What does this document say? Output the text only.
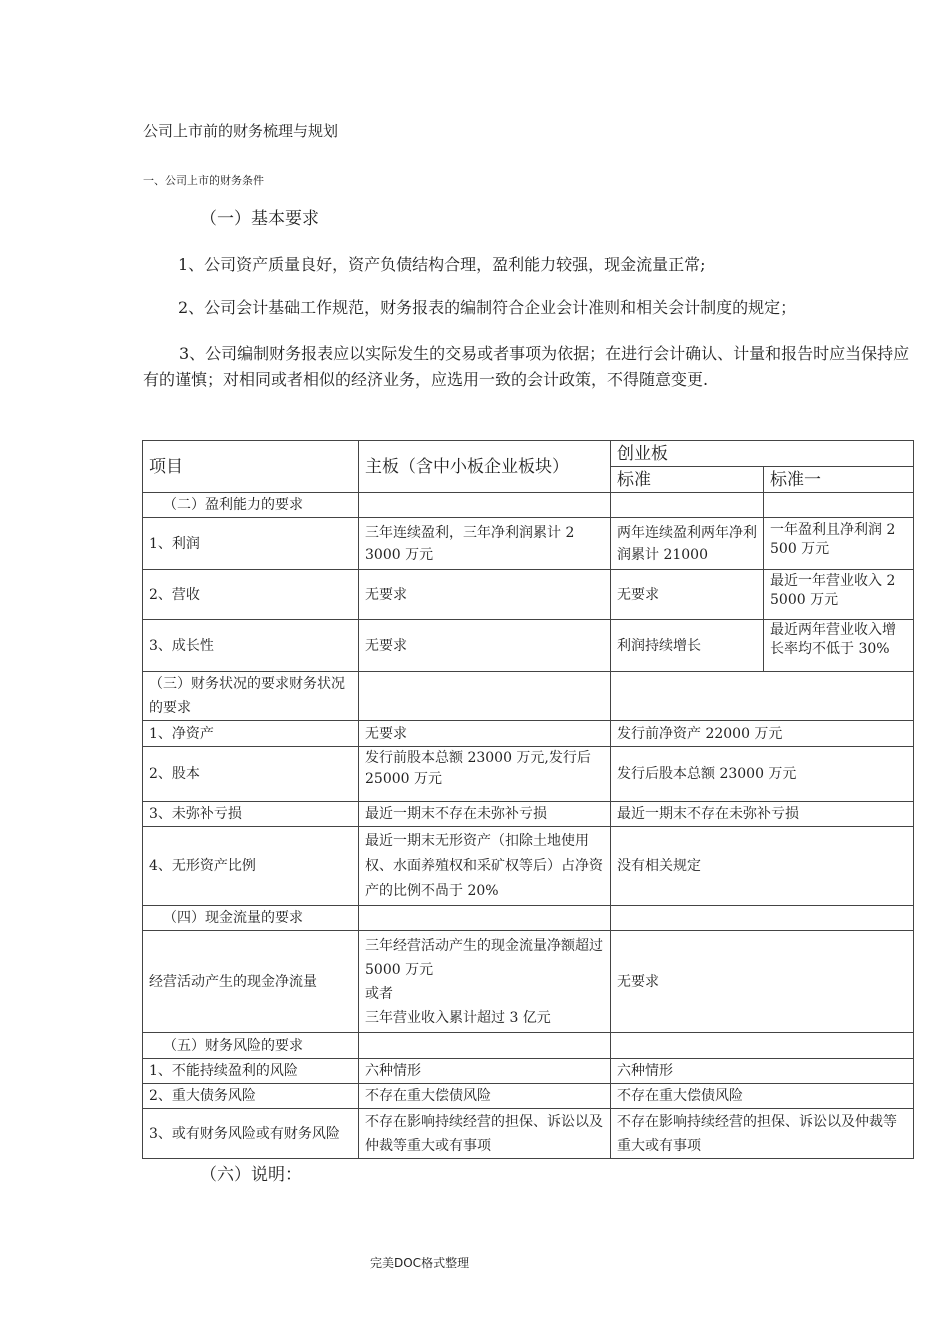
公司上市前的财务梳理与规划
一、公司上市的财务条件
（一）基本要求
1、公司资产质量良好，资产负债结构合理，盈利能力较强，现金流量正常;
2、公司会计基础工作规范，财务报表的编制符合企业会计准则和相关会计制度的规定；
3、公司编制财务报表应以实际发生的交易或者事项为依据；在进行会计确认、计量和报告时应当保持应有的谨慎；对相同或者相似的经济业务，应选用一致的会计政策，不得随意变更.
项目	主板（含中小板企业板块）	创业板	
		标准	标准一
（二）盈利能力的要求			
1、利润	三年连续盈利，三年净利润累计 2 3000 万元	两年连续盈利两年净利润累计 21000	一年盈利且净利润 2 500 万元

2、营收	无要求	无要求	最近一年营业收入 2 5000 万元

3、成长性	无要求	利润持续增长	最近两年营业收入增 长率均不低于 30%

（三）财务状况的要求财务状况的要求			
1、净资产	无要求	发行前净资产 22000 万元	
2、股本	发行前股本总额 23000 万元,发行后 25000 万元	发行后股本总额 23000 万元	
3、未弥补亏损	最近一期末不存在未弥补亏损	最近一期末不存在未弥补亏损	
4、无形资产比例	最近一期末无形资产（扣除土地使用权、水面养殖权和采矿权等后）占净资产的比例不咼于 20%	没有相关规定	
（四）现金流量的要求			
经营活动产生的现金净流量	三年经营活动产生的现金流量净额超过 5000 万元
或者
三年营业收入累计超过 3 亿元	无要求	
（五）财务风险的要求			
1、不能持续盈利的风险	六种情形	六种情形	
2、重大债务风险	不存在重大偿债风险	不存在重大偿债风险	
3、或有财务风险或有财务风险	不存在影响持续经营的担保、诉讼以及仲裁等重大或有事项	不存在影响持续经营的担保、诉讼以及仲裁等重大或有事项	
（六）说明：
完美DOC格式整理
